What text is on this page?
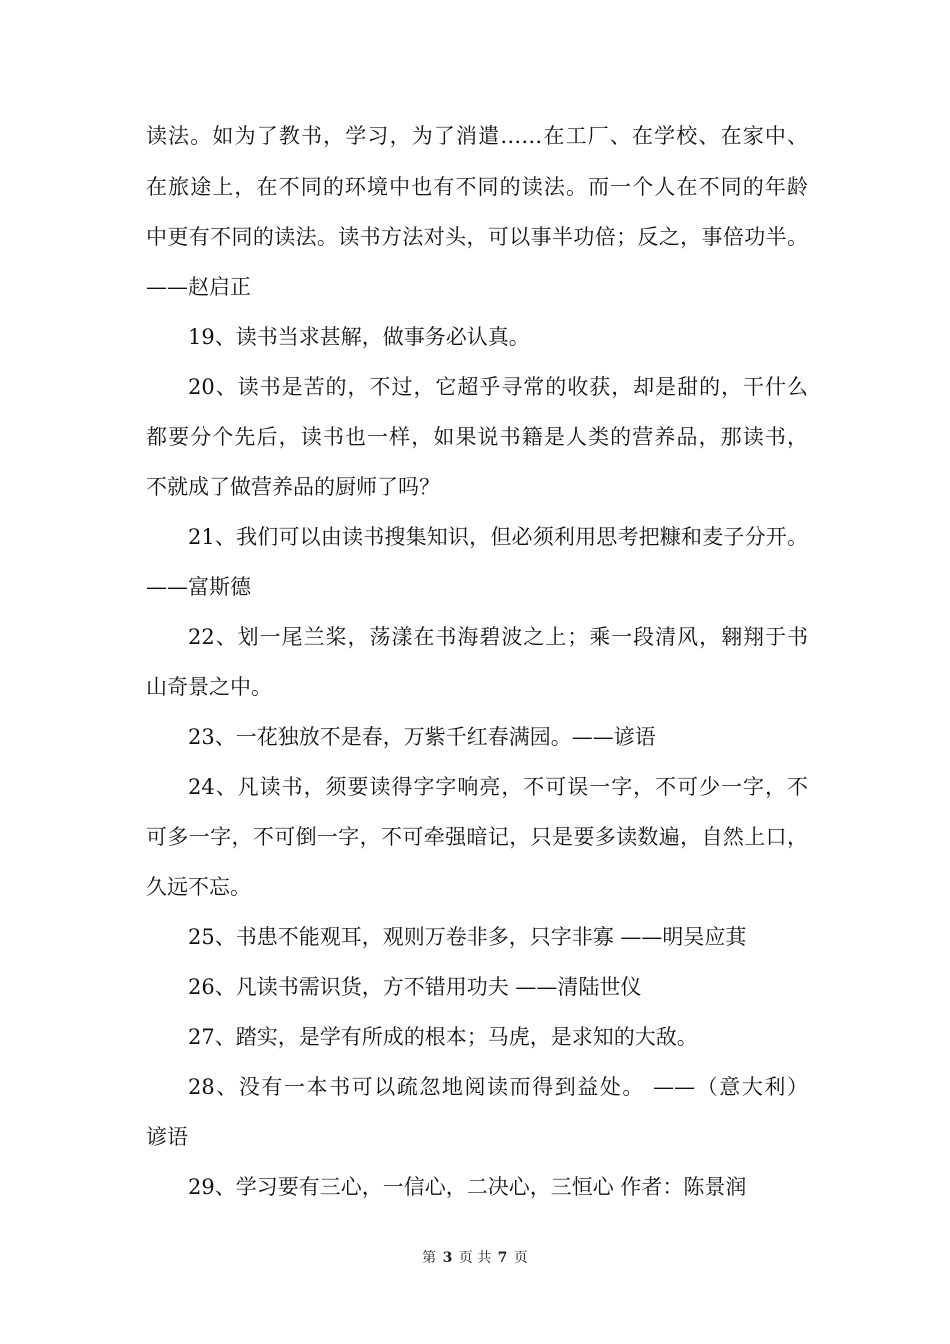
读法。如为了教书，学习，为了消遣……在工厂、在学校、在家中、
在旅途上，在不同的环境中也有不同的读法。而一个人在不同的年龄
中更有不同的读法。读书方法对头，可以事半功倍；反之，事倍功半。
——赵启正
19、读书当求甚解，做事务必认真。
20、读书是苦的，不过，它超乎寻常的收获，却是甜的，干什么
都要分个先后，读书也一样，如果说书籍是人类的营养品，那读书，
不就成了做营养品的厨师了吗？
21、我们可以由读书搜集知识，但必须利用思考把糠和麦子分开。
——富斯德
22、划一尾兰桨，荡漾在书海碧波之上；乘一段清风，翱翔于书
山奇景之中。
23、一花独放不是春，万紫千红春满园。——谚语
24、凡读书，须要读得字字响亮，不可误一字，不可少一字，不
可多一字，不可倒一字，不可牵强暗记，只是要多读数遍，自然上口，
久远不忘。
25、书患不能观耳，观则万卷非多，只字非寡 ——明吴应萁
26、凡读书需识货，方不错用功夫 ——清陆世仪
27、踏实，是学有所成的根本；马虎，是求知的大敌。
28、没有一本书可以疏忽地阅读而得到益处。 ——（意大利）
谚语
29、学习要有三心，一信心，二决心，三恒心 作者：陈景润
第 3 页 共 7 页
